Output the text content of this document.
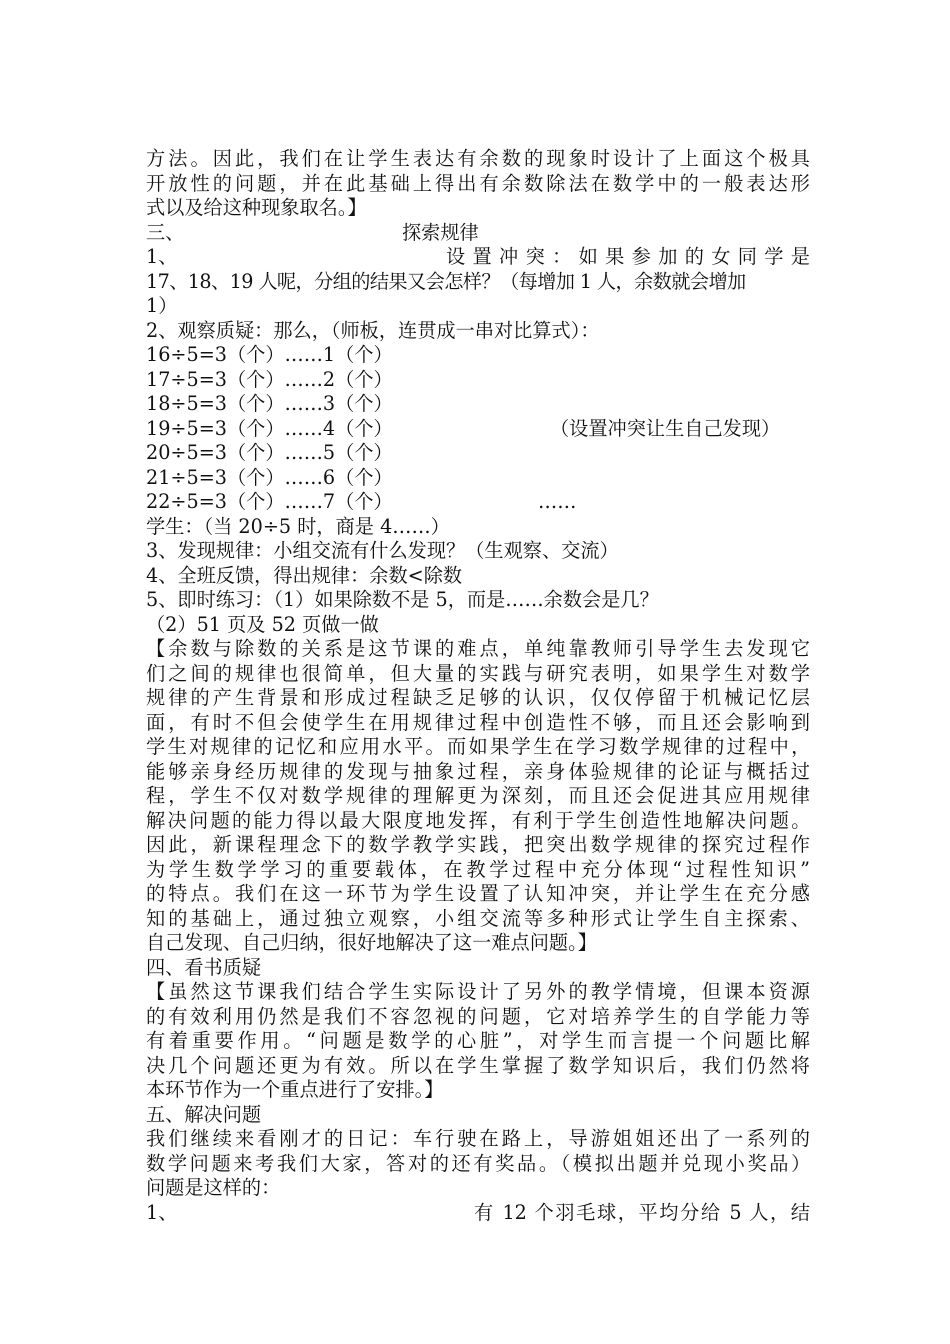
方法。因此，我们在让学生表达有余数的现象时设计了上面这个极具
开放性的问题，并在此基础上得出有余数除法在数学中的一般表达形
式以及给这种现象取名。】
三、	探索规律
1、	设置冲突：如果参加的女同学是
17、18、19 人呢，分组的结果又会怎样？（每增加 1 人，余数就会增加
1）
2、观察质疑：那么，（师板，连贯成一串对比算式）：
16÷5=3（个）……1（个）
17÷5=3（个）……2（个）
18÷5=3（个）……3（个）
19÷5=3（个）……4（个）	（设置冲突让生自己发现）
20÷5=3（个）……5（个）
21÷5=3（个）……6（个）
22÷5=3（个）……7（个）	……
学生：（当 20÷5 时，商是 4……）
3、发现规律：小组交流有什么发现？（生观察、交流）
4、全班反馈，得出规律：余数<除数
5、即时练习：（1）如果除数不是 5，而是……余数会是几？
（2）51 页及 52 页做一做
【余数与除数的关系是这节课的难点，单纯靠教师引导学生去发现它
们之间的规律也很简单，但大量的实践与研究表明，如果学生对数学
规律的产生背景和形成过程缺乏足够的认识，仅仅停留于机械记忆层
面，有时不但会使学生在用规律过程中创造性不够，而且还会影响到
学生对规律的记忆和应用水平。而如果学生在学习数学规律的过程中，
能够亲身经历规律的发现与抽象过程，亲身体验规律的论证与概括过
程，学生不仅对数学规律的理解更为深刻，而且还会促进其应用规律
解决问题的能力得以最大限度地发挥，有利于学生创造性地解决问题。
因此，新课程理念下的数学教学实践，把突出数学规律的探究过程作
为学生数学学习的重要载体，在教学过程中充分体现“过程性知识”
的特点。我们在这一环节为学生设置了认知冲突，并让学生在充分感
知的基础上，通过独立观察，小组交流等多种形式让学生自主探索、
自己发现、自己归纳，很好地解决了这一难点问题。】
四、看书质疑
【虽然这节课我们结合学生实际设计了另外的教学情境，但课本资源
的有效利用仍然是我们不容忽视的问题，它对培养学生的自学能力等
有着重要作用。“问题是数学的心脏”，对学生而言提一个问题比解
决几个问题还更为有效。所以在学生掌握了数学知识后，我们仍然将
本环节作为一个重点进行了安排。】
五、解决问题
我们继续来看刚才的日记：车行驶在路上，导游姐姐还出了一系列的
数学问题来考我们大家，答对的还有奖品。（模拟出题并兑现小奖品）
问题是这样的：
1、	有 12 个羽毛球，平均分给 5 人，结
